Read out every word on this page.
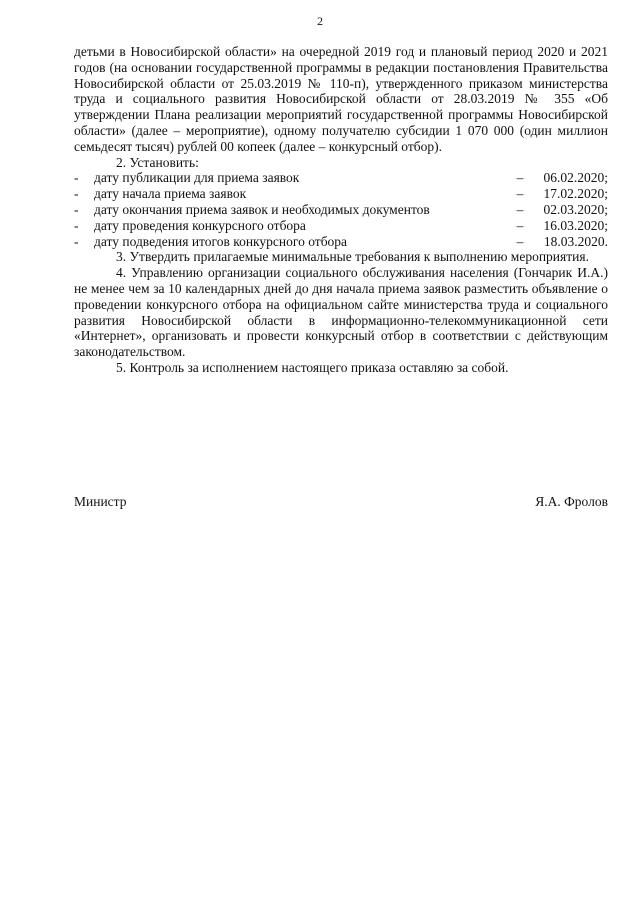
2

детьми в Новосибирской области» на очередной 2019 год и плановый период 2020 и 2021 годов (на основании государственной программы в редакции постановления Правительства Новосибирской области от 25.03.2019 № 110-п), утвержденного приказом министерства труда и социального развития Новосибирской области от 28.03.2019 № 355 «Об утверждении Плана реализации мероприятий государственной программы Новосибирской области» (далее – мероприятие), одному получателю субсидии 1 070 000 (один миллион семьдесят тысяч) рублей 00 копеек (далее – конкурсный отбор).

2. Установить:

-	дату публикации для приема заявок	–	06.02.2020;
-	дату начала приема заявок	–	17.02.2020;
-	дату окончания приема заявок и необходимых документов	–	02.03.2020;
-	дату проведения конкурсного отбора	–	16.03.2020;
-	дату подведения итогов конкурсного отбора	–	18.03.2020.

3. Утвердить прилагаемые минимальные требования к выполнению мероприятия.

4. Управлению организации социального обслуживания населения (Гончарик И.А.) не менее чем за 10 календарных дней до дня начала приема заявок разместить объявление о проведении конкурсного отбора на официальном сайте министерства труда и социального развития Новосибирской области в информационно-телекоммуникационной сети «Интернет», организовать и провести конкурсный отбор в соответствии с действующим законодательством.

5. Контроль за исполнением настоящего приказа оставляю за собой.

Министр	Я.А. Фролов
